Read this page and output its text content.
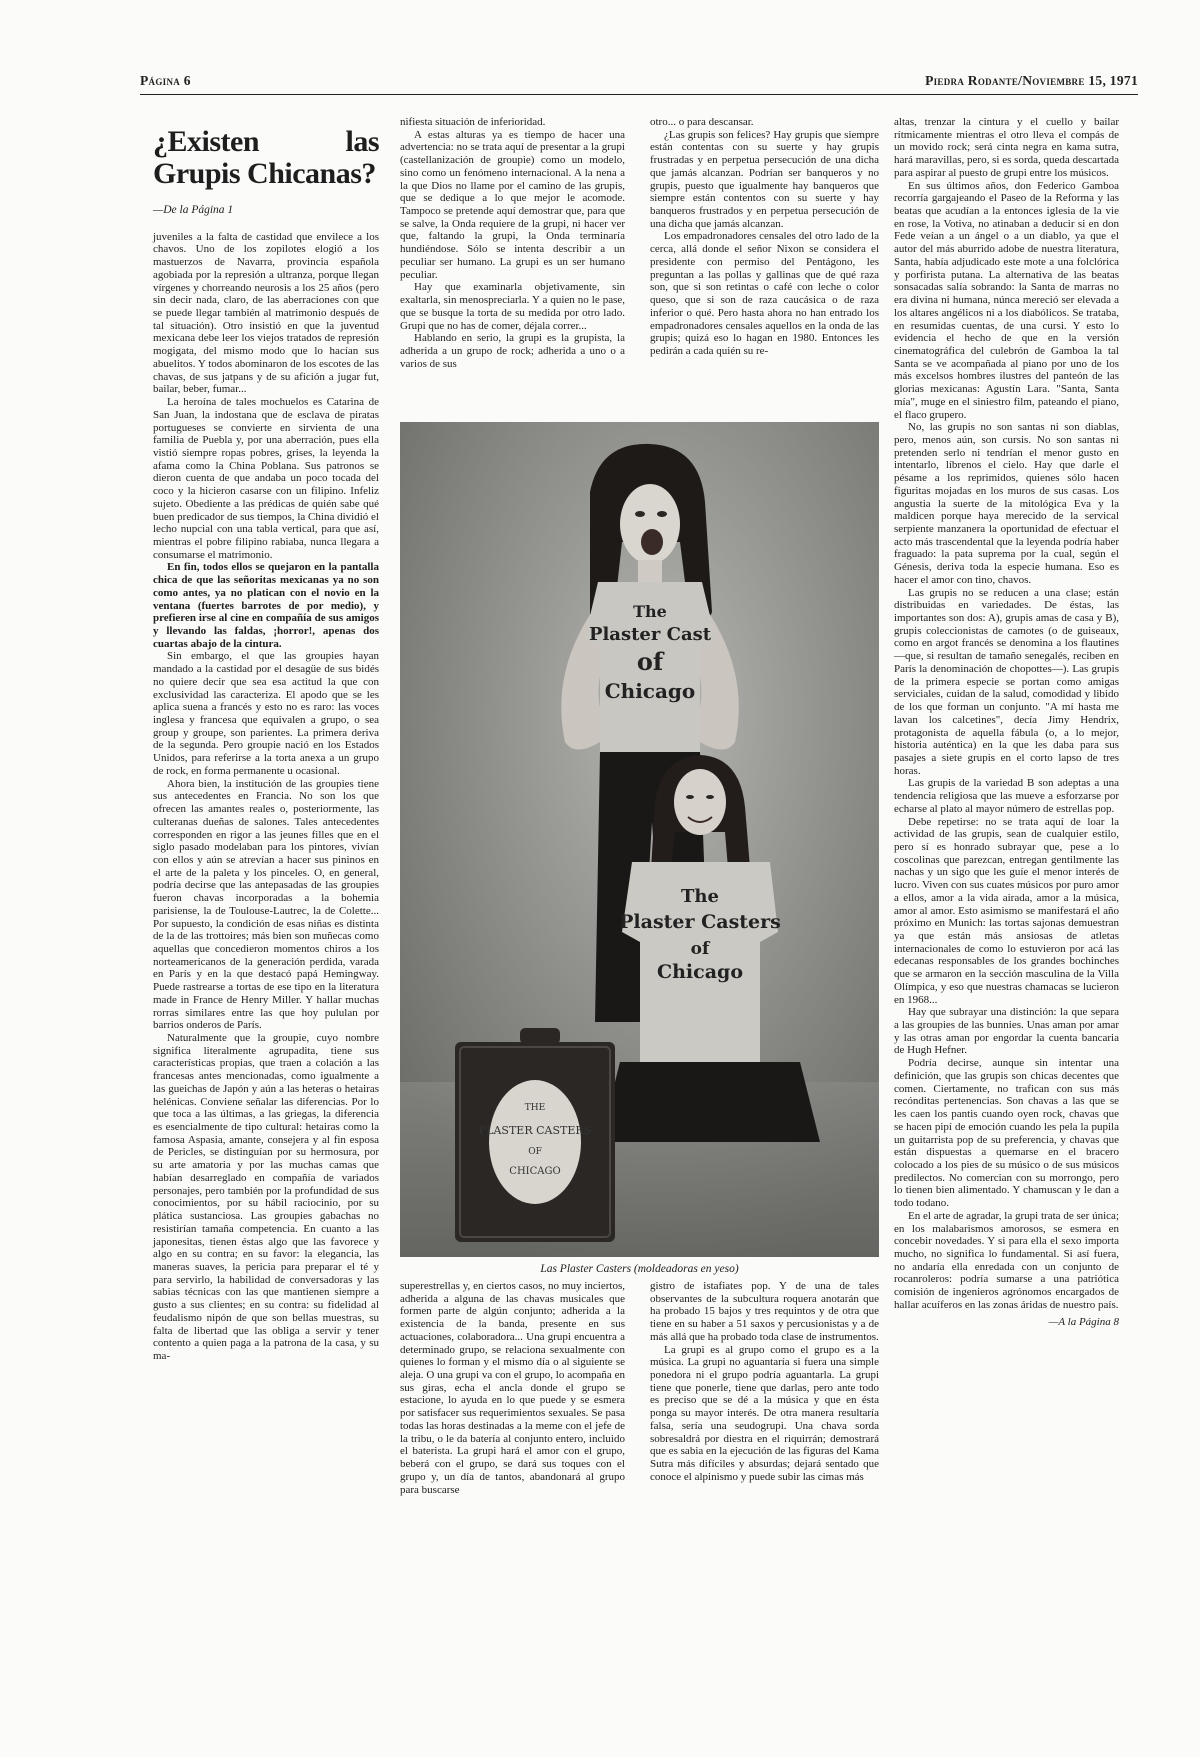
Página 6	Piedra Rodante/Noviembre 15, 1971
¿Existen las Grupis Chicanas?
—De la Página 1

juveniles a la falta de castidad que envilece a los chavos. Uno de los zopilotes elogió a los mastuerzos de Navarra, provincia española agobiada por la represión a ultranza, porque llegan vírgenes y chorreando neurosis a los 25 años (pero sin decir nada, claro, de las aberraciones con que se puede llegar también al matrimonio después de tal situación). Otro insistió en que la juventud mexicana debe leer los viejos tratados de represión mogigata, del mismo modo que lo hacían sus abuelitos. Y todos abominaron de los escotes de las chavas, de sus jatpans y de su afición a jugar fut, bailar, beber, fumar...

La heroína de tales mochuelos es Catarina de San Juan, la indostana que de esclava de piratas portugueses se convierte en sirvienta de una familia de Puebla y, por una aberración, pues ella vistió siempre ropas pobres, grises, la leyenda la afama como la China Poblana. Sus patronos se dieron cuenta de que andaba un poco tocada del coco y la hicieron casarse con un filipino. Infeliz sujeto. Obediente a las prédicas de quién sabe qué buen predicador de sus tiempos, la China dividió el lecho nupcial con una tabla vertical, para que así, mientras el pobre filipino rabiaba, nunca llegara a consumarse el matrimonio.

En fin, todos ellos se quejaron en la pantalla chica de que las señoritas mexicanas ya no son como antes, ya no platican con el novio en la ventana (fuertes barrotes de por medio), y prefieren irse al cine en compañía de sus amigos y llevando las faldas, ¡horror!, apenas dos cuartas abajo de la cintura.

Sin embargo, el que las groupies hayan mandado a la castidad por el desagüe de sus bidés no quiere decir que sea esa actitud la que con exclusividad las caracteriza. El apodo que se les aplica suena a francés y esto no es raro: las voces inglesa y francesa que equivalen a grupo, o sea group y groupe, son parientes. La primera deriva de la segunda. Pero groupie nació en los Estados Unidos, para referirse a la torta anexa a un grupo de rock, en forma permanente u ocasional.

Ahora bien, la institución de las groupies tiene sus antecedentes en Francia. No son los que ofrecen las amantes reales o, posteriormente, las culteranas dueñas de salones. Tales antecedentes corresponden en rigor a las jeunes filles que en el siglo pasado modelaban para los pintores, vivían con ellos y aún se atrevían a hacer sus pininos en el arte de la paleta y los pinceles. O, en general, podría decirse que las antepasadas de las groupies fueron chavas incorporadas a la bohemia parisiense, la de Toulouse-Lautrec, la de Colette... Por supuesto, la condición de esas niñas es distinta de la de las trottoires; más bien son muñecas como aquellas que concedieron momentos chiros a los norteamericanos de la generación perdida, varada en París y en la que destacó papá Hemingway. Puede rastrearse a tortas de ese tipo en la literatura made in France de Henry Miller. Y hallar muchas rorras similares entre las que hoy pululan por barrios onderos de París.

Naturalmente que la groupie, cuyo nombre significa literalmente agrupadita, tiene sus características propias, que traen a colación a las francesas antes mencionadas, como igualmente a las gueichas de Japón y aún a las heteras o hetairas helénicas. Conviene señalar las diferencias. Por lo que toca a las últimas, a las griegas, la diferencia es esencialmente de tipo cultural: hetairas como la famosa Aspasia, amante, consejera y al fin esposa de Pericles, se distinguían por su hermosura, por su arte amatoria y por las muchas camas que habían desarreglado en compañía de variados personajes, pero también por la profundidad de sus conocimientos, por su hábil raciocinio, por su plática sustanciosa. Las groupies gabachas no resistirían tamaña competencia. En cuanto a las japonesitas, tienen éstas algo que las favorece y algo en su contra; en su favor: la elegancia, las maneras suaves, la pericia para preparar el té y para servirlo, la habilidad de conversadoras y las sabias técnicas con las que mantienen siempre a gusto a sus clientes; en su contra: su fidelidad al feudalismo nipón de que son bellas muestras, su falta de libertad que las obliga a servir y tener contento a quien paga a la patrona de la casa, y su ma-

nifiesta situación de inferioridad.

A estas alturas ya es tiempo de hacer una advertencia: no se trata aquí de presentar a la grupi (castellanización de groupie) como un modelo, sino como un fenómeno internacional. A la nena a la que Dios no llame por el camino de las grupis, que se dedique a lo que mejor le acomode. Tampoco se pretende aquí demostrar que, para que se salve, la Onda requiere de la grupi, ni hacer ver que, faltando la grupi, la Onda terminaría hundiéndose. Sólo se intenta describir a un peculiar ser humano. La grupi es un ser humano peculiar.

Hay que examinarla objetivamente, sin exaltarla, sin menospreciarla. Y a quien no le pase, que se busque la torta de su medida por otro lado. Grupi que no has de comer, déjala correr...

Hablando en serio, la grupi es la grupista, la adherida a un grupo de rock; adherida a uno o a varios de sus

otro... o para descansar.

¿Las grupis son felices? Hay grupis que siempre están contentas con su suerte y hay grupis frustradas y en perpetua persecución de una dicha que jamás alcanzan. Podrían ser banqueros y no grupis, puesto que igualmente hay banqueros que siempre están contentos con su suerte y hay banqueros frustrados y en perpetua persecución de una dicha que jamás alcanzan.

Los empadronadores censales del otro lado de la cerca, allá donde el señor Nixon se considera el presidente con permiso del Pentágono, les preguntan a las pollas y gallinas que de qué raza son, que si son retintas o café con leche o color queso, que si son de raza caucásica o de raza inferior o qué. Pero hasta ahora no han entrado los empadronadores censales aquellos en la onda de las grupis; quizá eso lo hagan en 1980. Entonces les pedirán a cada quién su re-

altas, trenzar la cintura y el cuello y bailar rítmicamente mientras el otro lleva el compás de un movido rock; será cinta negra en kama sutra, hará maravillas, pero, si es sorda, queda descartada para aspirar al puesto de grupi entre los músicos.

En sus últimos años, don Federico Gamboa recorría gargajeando el Paseo de la Reforma y las beatas que acudían a la entonces iglesia de la vie en rose, la Votiva, no atinaban a deducir si en don Fede veían a un ángel o a un diablo, ya que el autor del más aburrido adobe de nuestra literatura, Santa, había adjudicado este mote a una folclórica y porfirista putana. La alternativa de las beatas sonsacadas salía sobrando: la Santa de marras no era divina ni humana, núnca mereció ser elevada a los altares angélicos ni a los diabólicos. Se trataba, en resumidas cuentas, de una cursi. Y esto lo evidencia el hecho de que en la versión cinematográfica del culebrón de Gamboa la tal Santa se ve acompañada al piano por uno de los más excelsos hombres ilustres del panteón de las glorias mexicanas: Agustín Lara. "Santa, Santa mía", muge en el siniestro film, pateando el piano, el flaco grupero.

No, las grupis no son santas ni son diablas, pero, menos aún, son cursis. No son santas ni pretenden serlo ni tendrían el menor gusto en intentarlo, líbrenos el cielo. Hay que darle el pésame a los reprimidos, quienes sólo hacen figuritas mojadas en los muros de sus casas. Los angustia la suerte de la mitológica Eva y la maldicen porque haya merecido de la servical serpiente manzanera la oportunidad de efectuar el acto más trascendental que la leyenda podría haber fraguado: la pata suprema por la cual, según el Génesis, deriva toda la especie humana. Eso es hacer el amor con tino, chavos.

Las grupis no se reducen a una clase; están distribuidas en variedades. De éstas, las importantes son dos: A), grupis amas de casa y B), grupis coleccionistas de camotes (o de guiseaux, como en argot francés se denomina a los flautines —que, si resultan de tamaño senegalés, reciben en París la denominación de chopottes—). Las grupis de la primera especie se portan como amigas serviciales, cuidan de la salud, comodidad y libido de los que forman un conjunto. "A mí hasta me lavan los calcetines", decía Jimy Hendrix, protagonista de aquella fábula (o, a lo mejor, historia auténtica) en la que les daba para sus pasajes a siete grupis en el corto lapso de tres horas.

Las grupis de la variedad B son adeptas a una tendencia religiosa que las mueve a esforzarse por echarse al plato al mayor número de estrellas pop.

Debe repetirse: no se trata aquí de loar la actividad de las grupis, sean de cualquier estilo, pero sí es honrado subrayar que, pese a lo coscolinas que parezcan, entregan gentilmente las nachas y un sigo que les guíe el menor interés de lucro. Viven con sus cuates músicos por puro amor a ellos, amor a la vida airada, amor a la música, amor al amor. Esto asimismo se manifestará el año próximo en Munich: las tortas sajonas demuestran ya que están más ansiosas de atletas internacionales de como lo estuvieron por acá las edecanas responsables de los grandes bochinches que se armaron en la sección masculina de la Villa Olímpica, y eso que nuestras chamacas se lucieron en 1968...

Hay que subrayar una distinción: la que separa a las groupies de las bunnies. Unas aman por amar y las otras aman por engordar la cuenta bancaria de Hugh Hefner.

Podría decirse, aunque sin intentar una definición, que las grupis son chicas decentes que comen. Ciertamente, no trafican con sus más recónditas pertenencias. Son chavas a las que se les caen los pantis cuando oyen rock, chavas que se hacen pipí de emoción cuando les pela la pupila un guitarrista pop de su preferencia, y chavas que están dispuestas a quemarse en el bracero colocado a los pies de su músico o de sus músicos predilectos. No comercian con su morrongo, pero lo tienen bien alimentado. Y chamuscan y le dan a todo todano.

En el arte de agradar, la grupi trata de ser única; en los malabarismos amorosos, se esmera en concebir novedades. Y si para ella el sexo importa mucho, no significa lo fundamental. Si así fuera, no andaría ella enredada con un conjunto de rocanroleros: podría sumarse a una patriótica comisión de ingenieros agrónomos encargados de hallar acuíferos en las zonas áridas de nuestro país.

—A la Página 8
The
Plaster Cast
of
Chicago
The
Plaster Casters
of
Chicago
THE
PLASTER CASTERS
OF
CHICAGO
Las Plaster Casters (moldeadoras en yeso)

superestrellas y, en ciertos casos, no muy inciertos, adherida a alguna de las chavas musicales que formen parte de algún conjunto; adherida a la existencia de la banda, presente en sus actuaciones, colaboradora... Una grupi encuentra a determinado grupo, se relaciona sexualmente con quienes lo forman y el mismo día o al siguiente se aleja. O una grupi va con el grupo, lo acompaña en sus giras, echa el ancla donde el grupo se estacione, lo ayuda en lo que puede y se esmera por satisfacer sus requerimientos sexuales. Se pasa todas las horas destinadas a la meme con el jefe de la tribu, o le da batería al conjunto entero, incluido el baterista. La grupi hará el amor con el grupo, beberá con el grupo, se dará sus toques con el grupo y, un día de tantos, abandonará al grupo para buscarse

gistro de istafiates pop. Y de una de tales observantes de la subcultura roquera anotarán que ha probado 15 bajos y tres requintos y de otra que tiene en su haber a 51 saxos y percusionistas y a de más allá que ha probado toda clase de instrumentos.

La grupi es al grupo como el grupo es a la música. La grupi no aguantaría si fuera una simple ponedora ni el grupo podría aguantarla. La grupi tiene que ponerle, tiene que darlas, pero ante todo es preciso que se dé a la música y que en ésta ponga su mayor interés. De otra manera resultaría falsa, sería una seudogrupi. Una chava sorda sobresaldrá por diestra en el riquirrán; demostrará que es sabia en la ejecución de las figuras del Kama Sutra más difíciles y absurdas; dejará sentado que conoce el alpinismo y puede subir las cimas más
